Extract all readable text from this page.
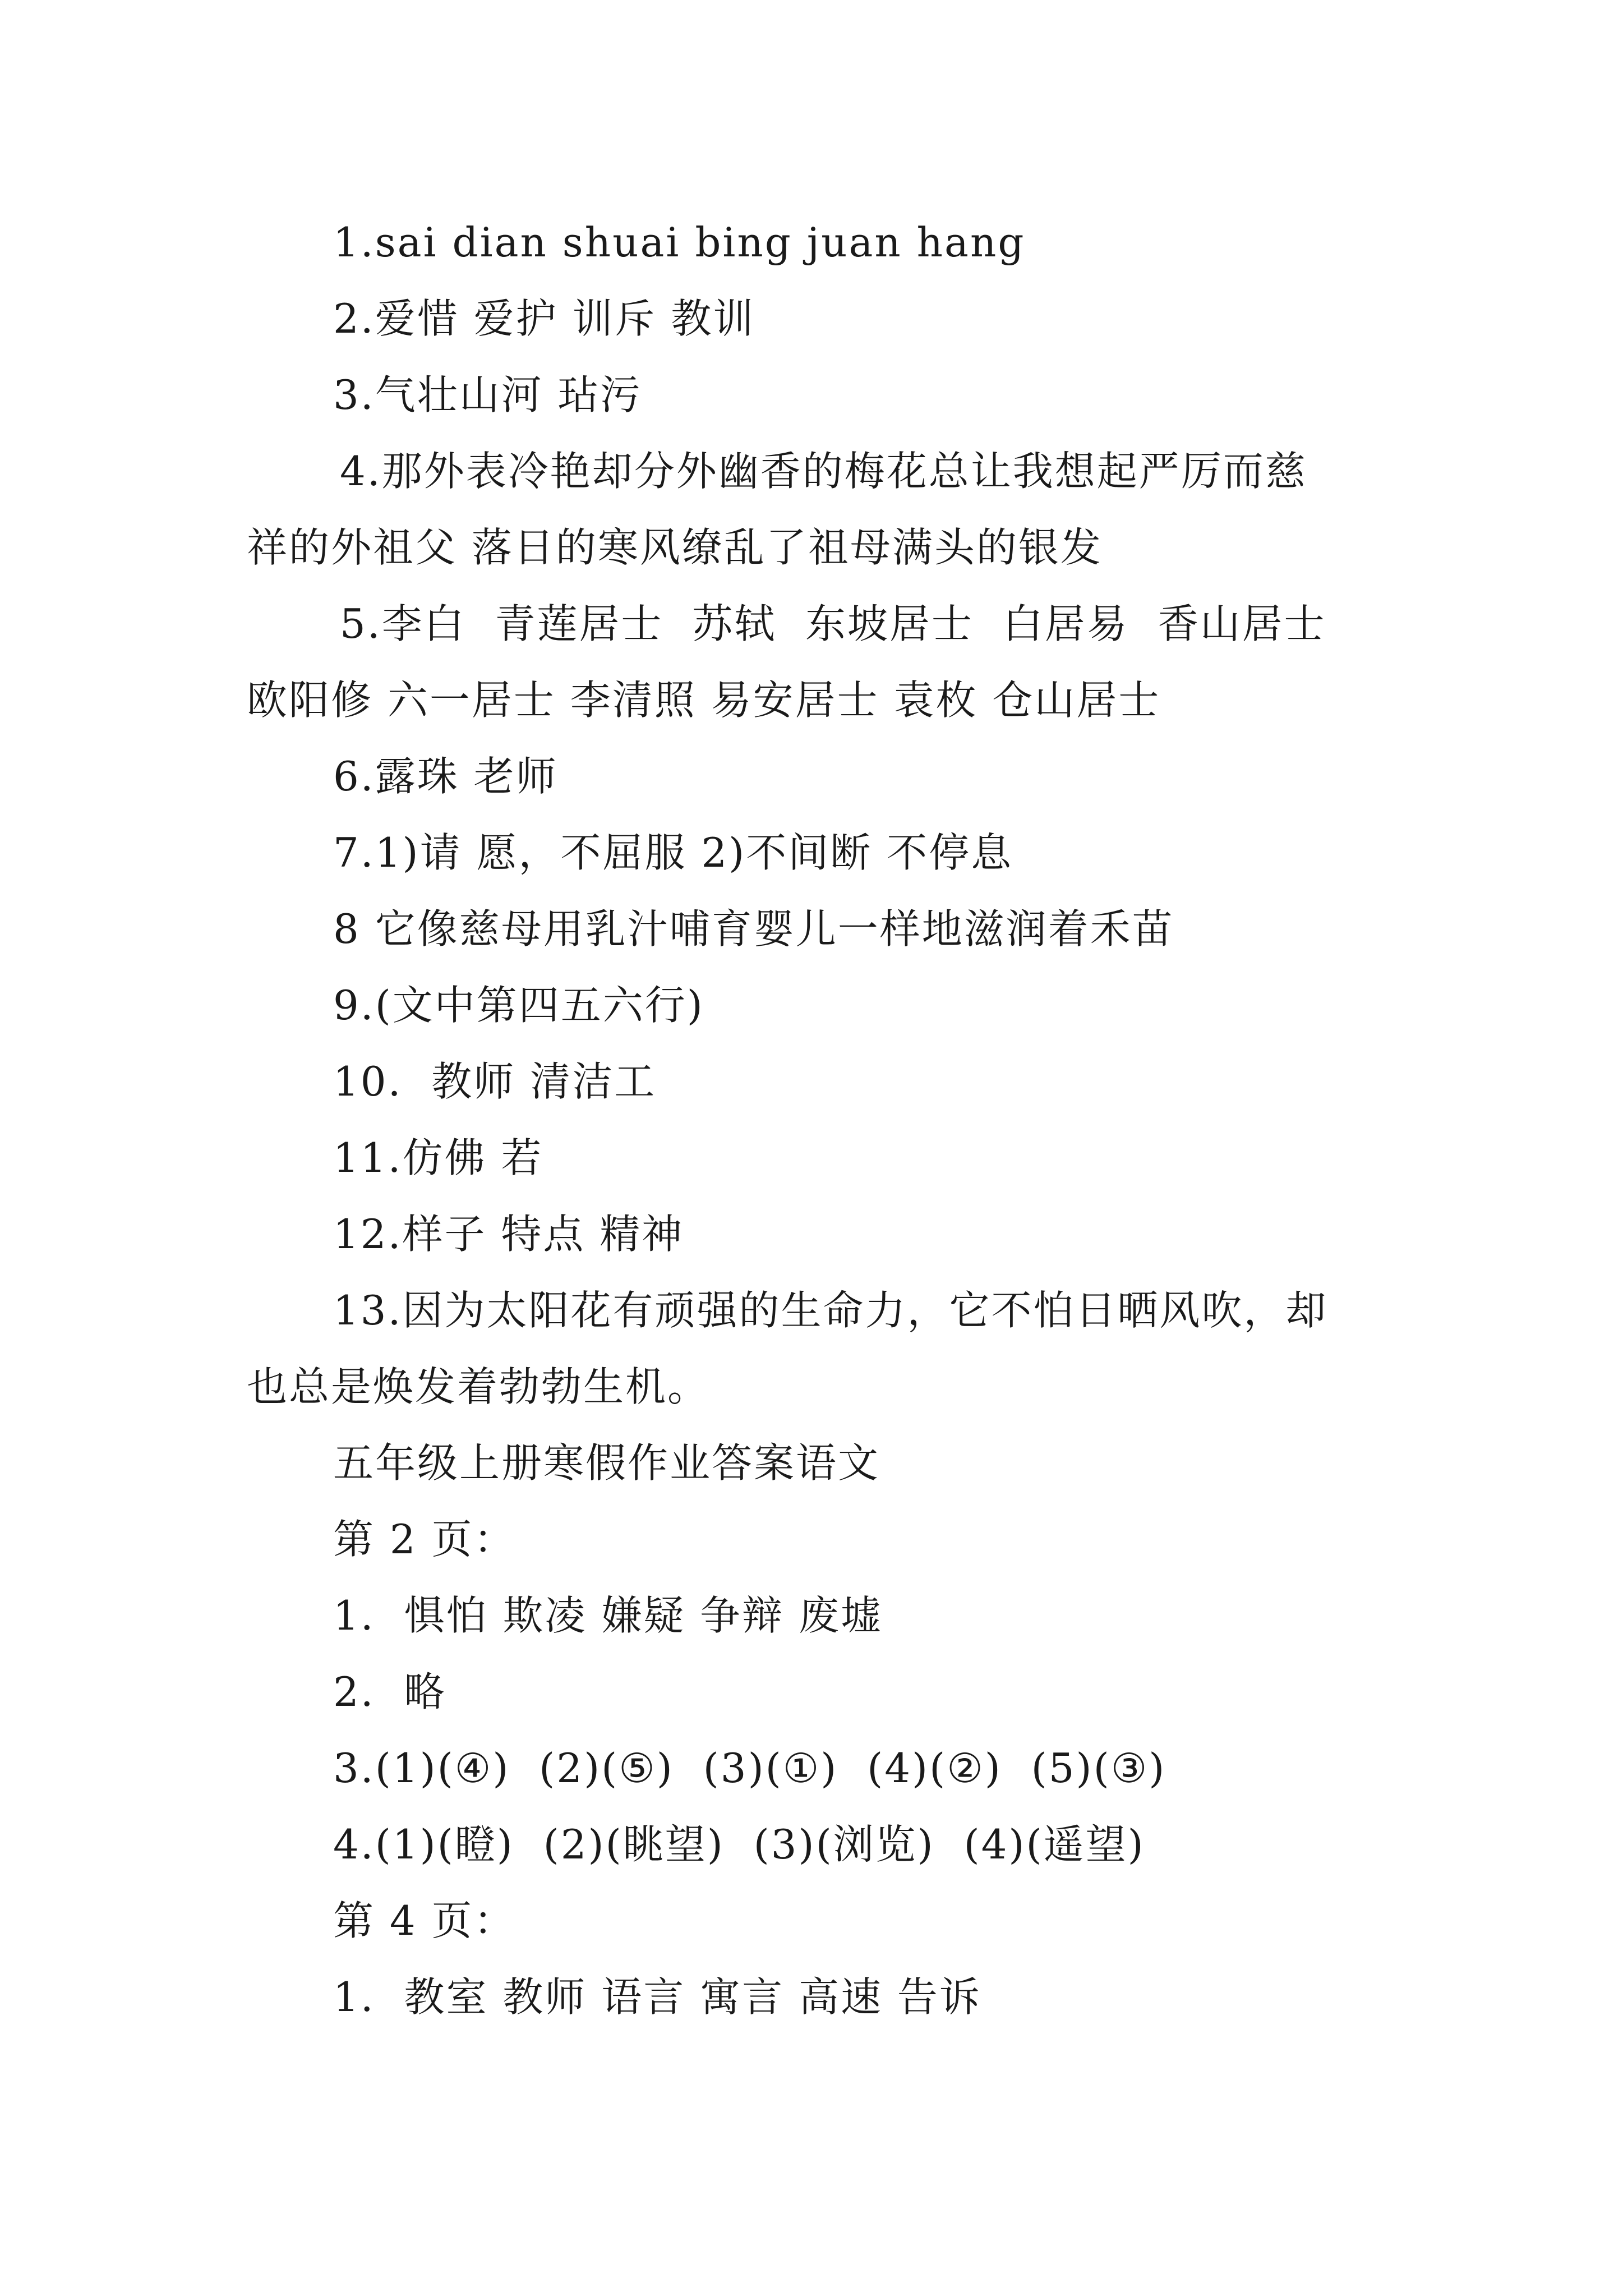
1.sai dian shuai bing juan hang
2.爱惜 爱护 训斥 教训
3.气壮山河 玷污
4.那外表冷艳却分外幽香的梅花总让我想起严厉而慈
祥的外祖父 落日的寒风缭乱了祖母满头的银发
5.李白  青莲居士  苏轼  东坡居士  白居易  香山居士
欧阳修 六一居士 李清照 易安居士 袁枚 仓山居士
6.露珠 老师
7.1)请 愿，不屈服 2)不间断 不停息
8 它像慈母用乳汁哺育婴儿一样地滋润着禾苗
9.(文中第四五六行)
10.  教师 清洁工
11.仿佛 若
12.样子 特点 精神
13.因为太阳花有顽强的生命力，它不怕日晒风吹，却
也总是焕发着勃勃生机。
五年级上册寒假作业答案语文
第 2 页：
1.  惧怕 欺凌 嫌疑 争辩 废墟
2.  略
3.(1)(④)  (2)(⑤)  (3)(①)  (4)(②)  (5)(③)
4.(1)(瞪)  (2)(眺望)  (3)(浏览)  (4)(遥望)
第 4 页：
1.  教室 教师 语言 寓言 高速 告诉
